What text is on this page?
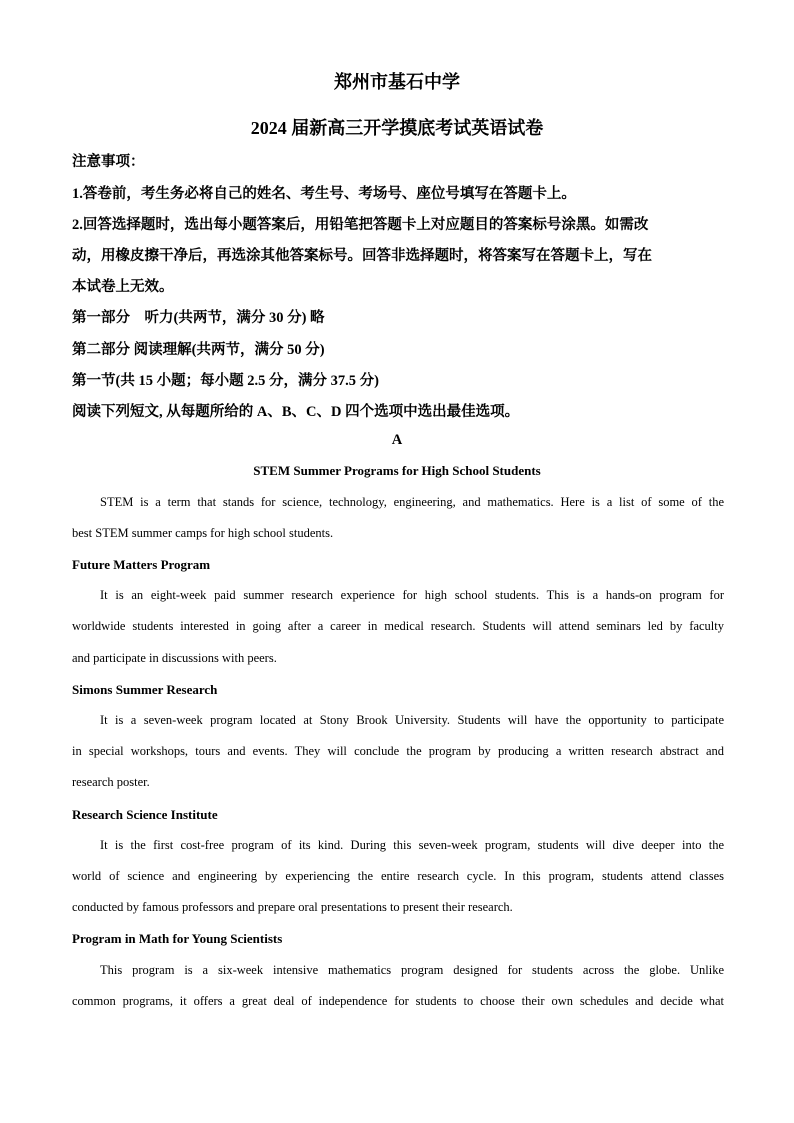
郑州市基石中学
2024 届新高三开学摸底考试英语试卷
注意事项：
1.答卷前，考生务必将自己的姓名、考生号、考场号、座位号填写在答题卡上。
2.回答选择题时，选出每小题答案后，用铅笔把答题卡上对应题目的答案标号涂黑。如需改
动，用橡皮擦干净后，再选涂其他答案标号。回答非选择题时，将答案写在答题卡上，写在
本试卷上无效。
第一部分　听力(共两节，满分 30 分) 略
第二部分 阅读理解(共两节，满分 50 分)
第一节(共 15 小题；每小题 2.5 分，满分 37.5 分)
阅读下列短文, 从每题所给的 A、B、C、D 四个选项中选出最佳选项。
A
STEM Summer Programs for High School Students
STEM is a term that stands for science, technology, engineering, and mathematics. Here is a list of some of the
best STEM summer camps for high school students.
Future Matters Program
It is an eight-week paid summer research experience for high school students. This is a hands-on program for
worldwide students interested in going after a career in medical research. Students will attend seminars led by faculty
and participate in discussions with peers.
Simons Summer Research
It is a seven-week program located at Stony Brook University. Students will have the opportunity to participate
in special workshops, tours and events. They will conclude the program by producing a written research abstract and
research poster.
Research Science Institute
It is the first cost-free program of its kind. During this seven-week program, students will dive deeper into the
world of science and engineering by experiencing the entire research cycle. In this program, students attend classes
conducted by famous professors and prepare oral presentations to present their research.
Program in Math for Young Scientists
This program is a six-week intensive mathematics program designed for students across the globe. Unlike
common programs, it offers a great deal of independence for students to choose their own schedules and decide what
